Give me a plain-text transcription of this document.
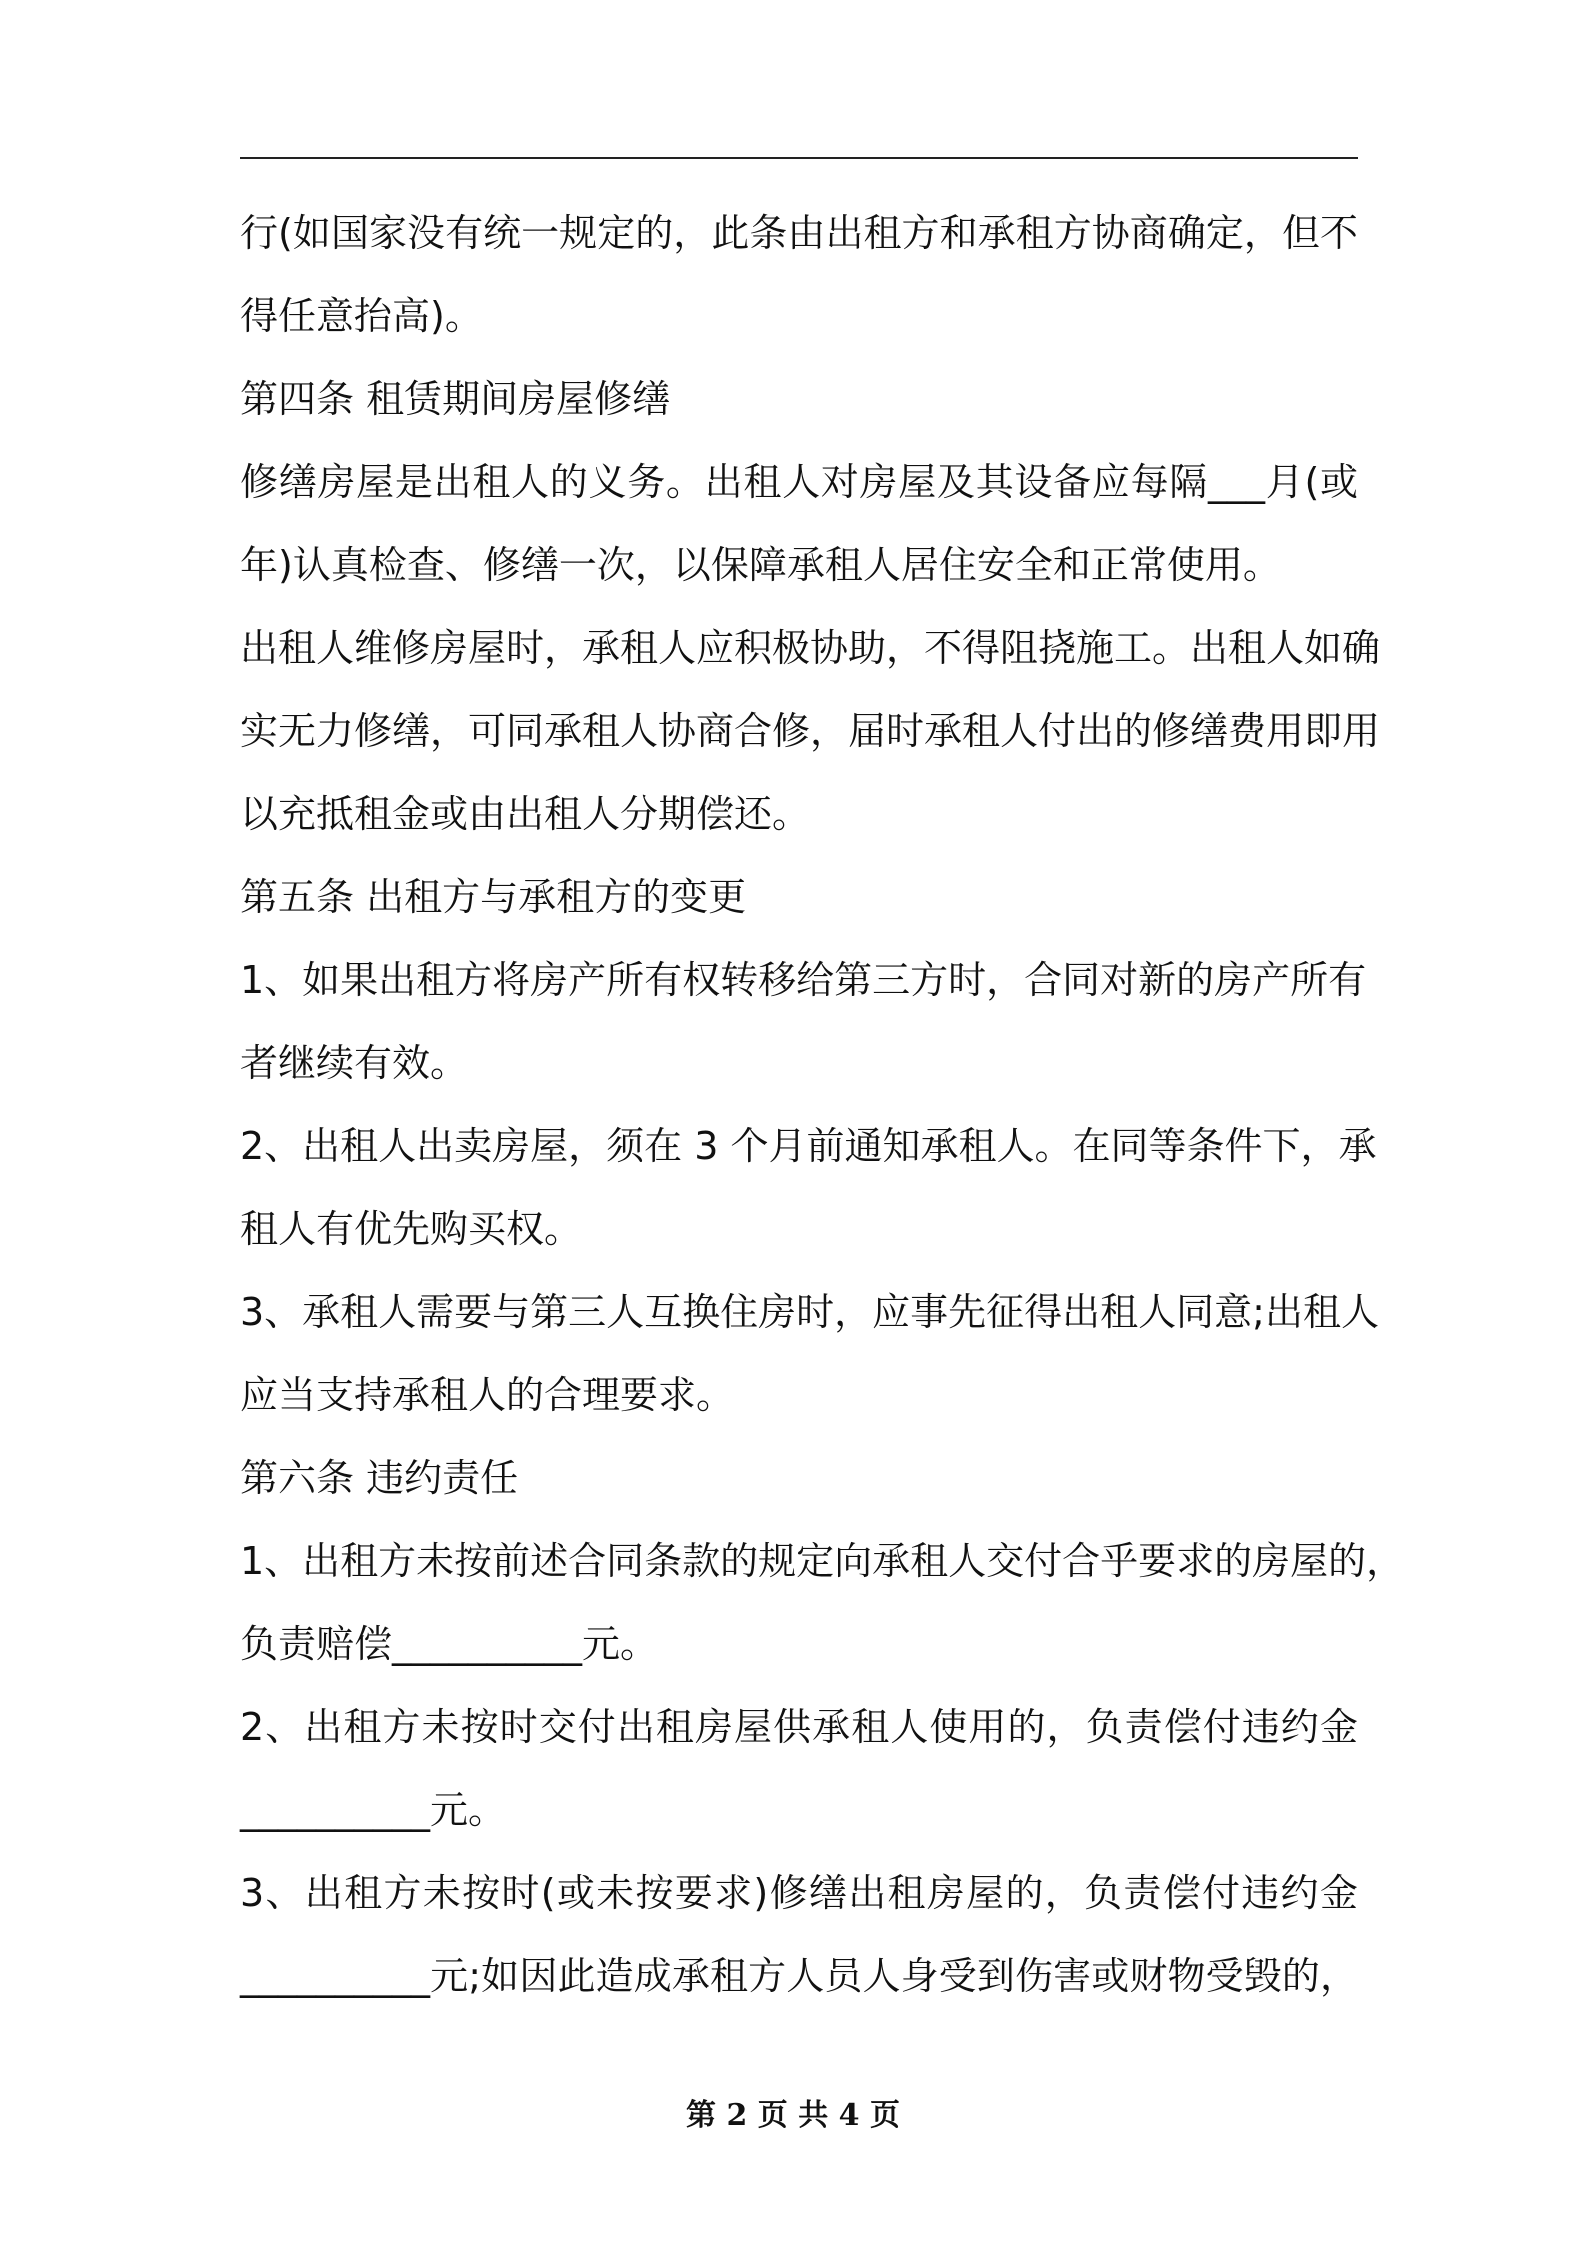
行(如国家没有统一规定的，此条由出租方和承租方协商确定，但不
得任意抬高)。
第四条 租赁期间房屋修缮
修缮房屋是出租人的义务。出租人对房屋及其设备应每隔___月(或
年)认真检查、修缮一次，以保障承租人居住安全和正常使用。
出租人维修房屋时，承租人应积极协助，不得阻挠施工。出租人如确
实无力修缮，可同承租人协商合修，届时承租人付出的修缮费用即用
以充抵租金或由出租人分期偿还。
第五条 出租方与承租方的变更
1、如果出租方将房产所有权转移给第三方时，合同对新的房产所有
者继续有效。
2、出租人出卖房屋，须在 3 个月前通知承租人。在同等条件下，承
租人有优先购买权。
3、承租人需要与第三人互换住房时，应事先征得出租人同意;出租人
应当支持承租人的合理要求。
第六条 违约责任
1、出租方未按前述合同条款的规定向承租人交付合乎要求的房屋的，
负责赔偿__________元。
2、出租方未按时交付出租房屋供承租人使用的，负责偿付违约金
__________元。
3、出租方未按时(或未按要求)修缮出租房屋的，负责偿付违约金
__________元;如因此造成承租方人员人身受到伤害或财物受毁的，
第 2 页 共 4 页
